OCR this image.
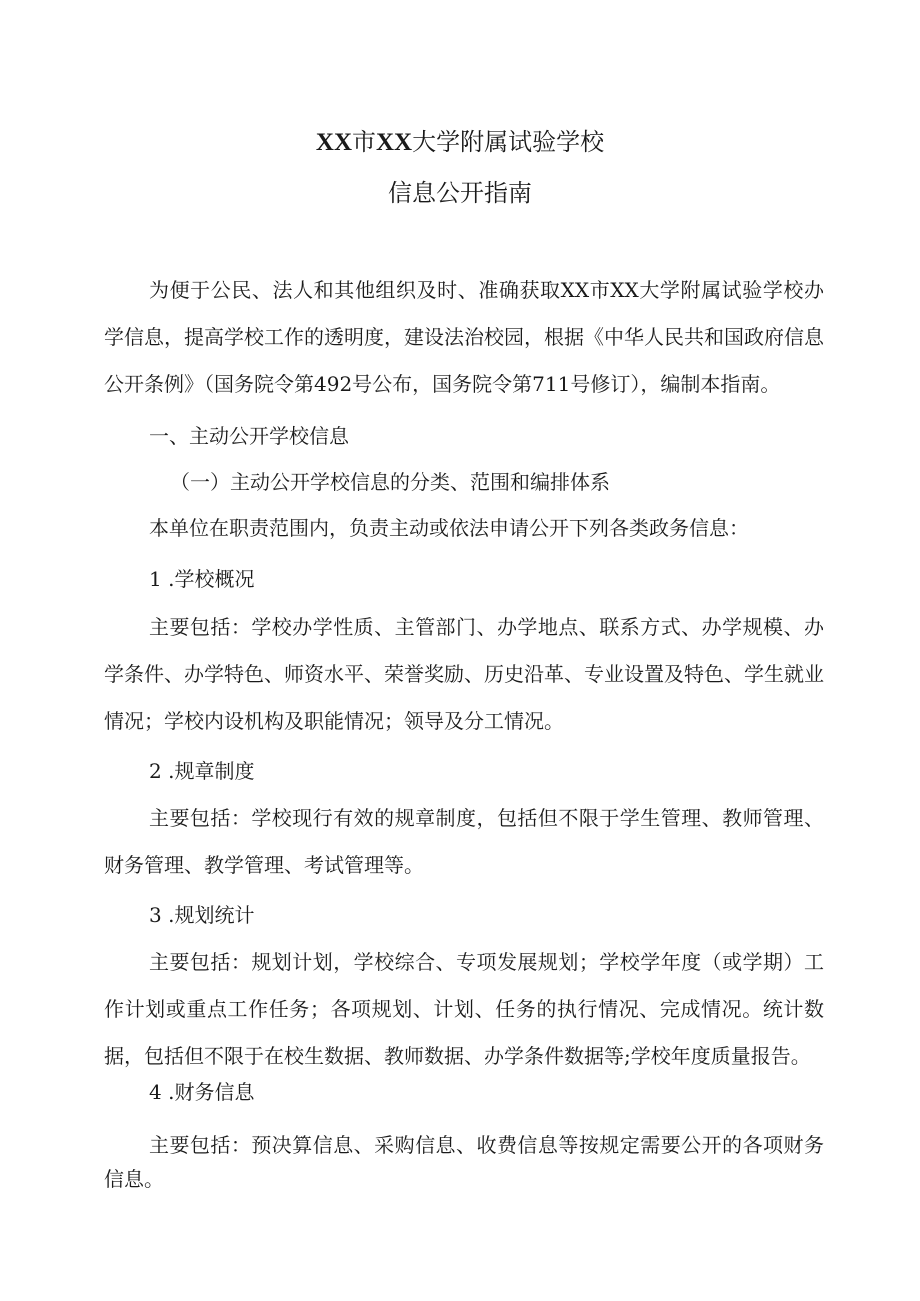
XX市XX大学附属试验学校
信息公开指南

为便于公民、法人和其他组织及时、准确获取XX市XX大学附属试验学校办学信息，提高学校工作的透明度，建设法治校园，根据《中华人民共和国政府信息公开条例》（国务院令第492号公布，国务院令第711号修订），编制本指南。

一、主动公开学校信息

（一）主动公开学校信息的分类、范围和编排体系

本单位在职责范围内，负责主动或依法申请公开下列各类政务信息：

1 .学校概况

主要包括：学校办学性质、主管部门、办学地点、联系方式、办学规模、办学条件、办学特色、师资水平、荣誉奖励、历史沿革、专业设置及特色、学生就业情况；学校内设机构及职能情况；领导及分工情况。

2 .规章制度

主要包括：学校现行有效的规章制度，包括但不限于学生管理、教师管理、财务管理、教学管理、考试管理等。

3 .规划统计

主要包括：规划计划，学校综合、专项发展规划；学校学年度（或学期）工作计划或重点工作任务；各项规划、计划、任务的执行情况、完成情况。统计数据，包括但不限于在校生数据、教师数据、办学条件数据等;学校年度质量报告。

4 .财务信息

主要包括：预决算信息、采购信息、收费信息等按规定需要公开的各项财务信息。
